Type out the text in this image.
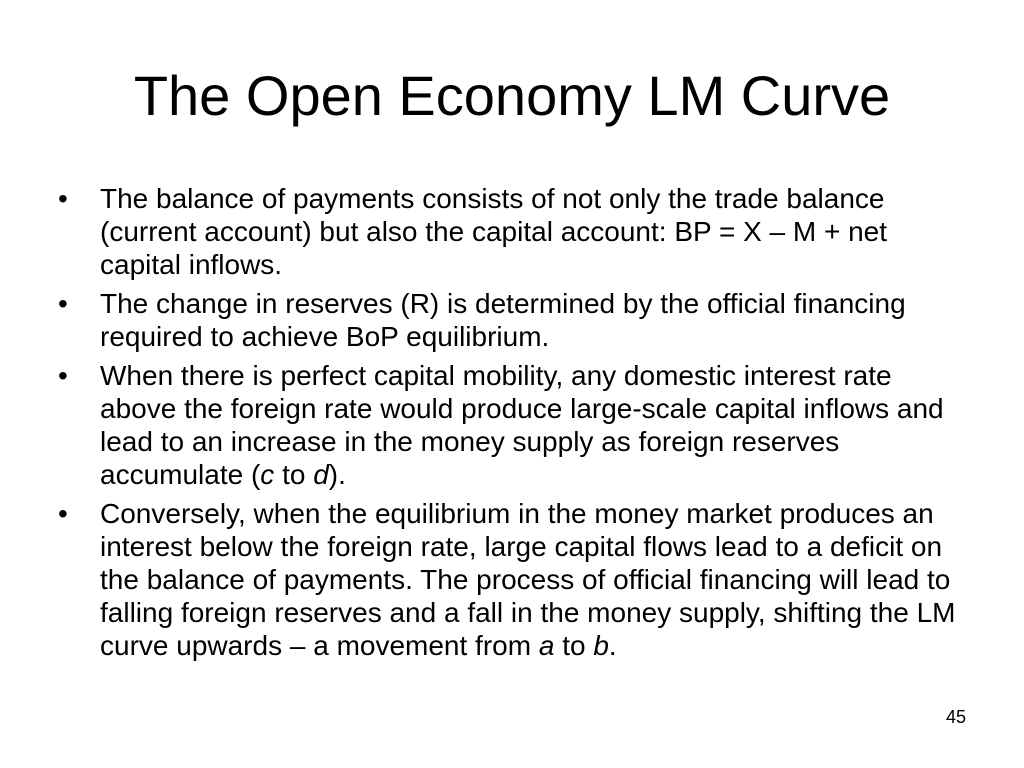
The Open Economy LM Curve
•	The balance of payments consists of not only the trade balance (current account) but also the capital account: BP = X – M + net capital inflows.
•	The change in reserves (R) is determined by the official financing required to achieve BoP equilibrium.
•	When there is perfect capital mobility, any domestic interest rate above the foreign rate would produce large-scale capital inflows and lead to an increase in the money supply as foreign reserves accumulate (c to d).
•	Conversely, when the equilibrium in the money market produces an interest below the foreign rate, large capital flows lead to a deficit on the balance of payments. The process of official financing will lead to falling foreign reserves and a fall in the money supply, shifting the LM curve upwards – a movement from a to b.
45
